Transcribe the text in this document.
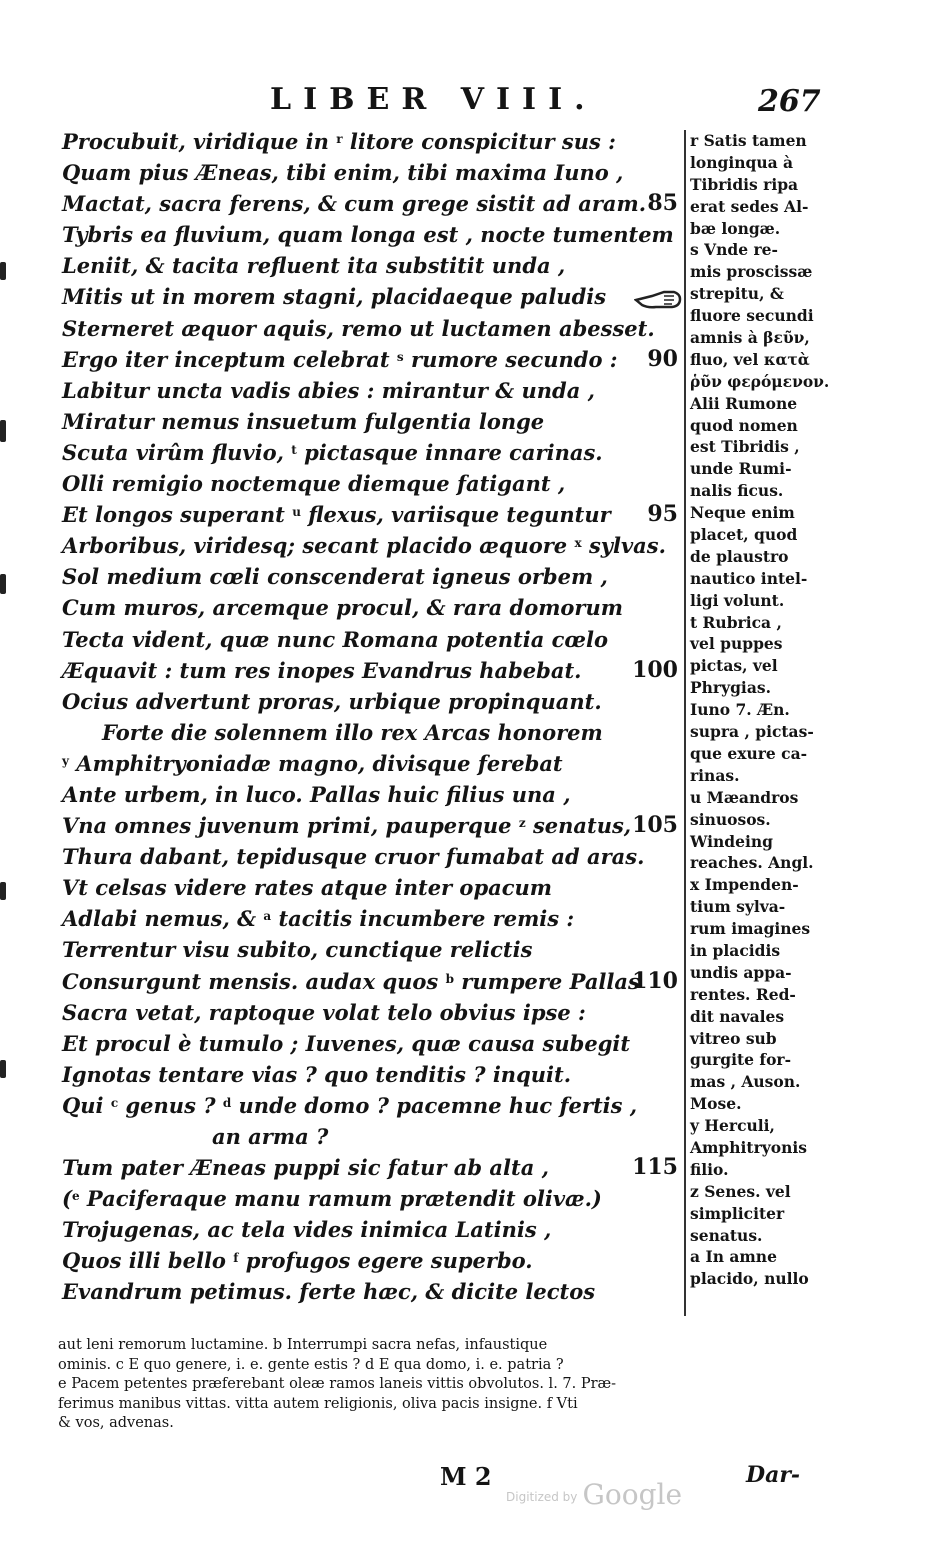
LIBER VIII.	267
Procubuit, viridique in $^r$ litore conspicitur sus :
Quam pius Æneas, tibi enim, tibi maxima Iuno ,
Mactat, sacra ferens, & cum grege sistit ad aram. 85
Tybris ea fluvium, quam longa est , nocte tumentem
Leniit, & tacita refluent ita substitit unda ,
Mitis ut in morem stagni, placidaeque paludis
Sterneret æquor aquis, remo ut luctamen abesset.
Ergo iter inceptum celebrat $^s$ rumore secundo : 90
Labitur uncta vadis abies : mirantur & unda ,
Miratur nemus insuetum fulgentia longe
Scuta virûm fluvio, $^t$ pictasque innare carinas.
Olli remigio noctemque diemque fatigant ,
Et longos superant $^u$ flexus, variisque teguntur 95
Arboribus, viridesq; secant placido æquore $^x$ sylvas.
Sol medium cœli conscenderat igneus orbem ,
Cum muros, arcemque procul, & rara domorum
Tecta vident, quæ nunc Romana potentia cœlo
Æquavit : tum res inopes Evandrus habebat. 100
Ocius advertunt proras, urbique propinquant.
Forte die solennem illo rex Arcas honorem
$^y$ Amphitryoniadæ magno, divisque ferebat
Ante urbem, in luco. Pallas huic filius una ,
Vna omnes juvenum primi, pauperque $^z$ senatus, 105
Thura dabant, tepidusque cruor fumabat ad aras.
Vt celsas videre rates atque inter opacum
Adlabi nemus, & $^a$ tacitis incumbere remis :
Terrentur visu subito, cunctique relictis
Consurgunt mensis. audax quos $^b$ rumpere Pallas
110
Sacra vetat, raptoque volat telo obvius ipse :
Et procul è tumulo ; Iuvenes, quæ causa subegit
Ignotas tentare vias ? quo tenditis ? inquit.
Qui $^c$ genus ? $^d$ unde domo ? pacemne huc fertis ,
an arma ?
Tum pater Æneas puppi sic fatur ab alta ,	115
($^e$ Paciferaque manu ramum prætendit olivæ.)
Trojugenas, ac tela vides inimica Latinis ,
Quos illi bello $^f$ profugos egere superbo.
Evandrum petimus. ferte hæc, & dicite lectos
r Satis tamen
longinqua à
Tibridis ripa
erat sedes Al-
bæ longæ.
s Vnde re-
mis proscissæ
strepitu, &
fluore secundi
amnis à βεῦν,
fluo, vel κατὰ
ῥῦν φερόμενον.
Alii Rumone
quod nomen
est Tibridis ,
unde Rumi-
nalis ficus.
Neque enim
placet, quod
de plaustro
nautico intel-
ligi volunt.
t Rubrica ,
vel puppes
pictas, vel
Phrygias.
Iuno 7. Æn.
supra , pictas-
que exure ca-
rinas.
u Mæandros
sinuosos.
Windeing
reaches. Angl.
x Impenden-
tium sylva-
rum imagines
in placidis
undis appa-
rentes. Red-
dit navales
vitreo sub
gurgite for-
mas , Auson.
Mose.
y Herculi,
Amphitryonis
filio.
z Senes. vel
simpliciter
senatus.
a In amne
placido, nullo
aut leni remorum luctamine. b Interrumpi sacra nefas, infaustique
ominis. c E quo genere, i. e. gente estis ? d E qua domo, i. e. patria ?
e Pacem petentes præferebant oleæ ramos laneis vittis obvolutos. l. 7. Præ-
ferimus manibus vittas. vitta autem religionis, oliva pacis insigne. f Vti
& vos, advenas.
M 2	Dar-
Digitized by Google
